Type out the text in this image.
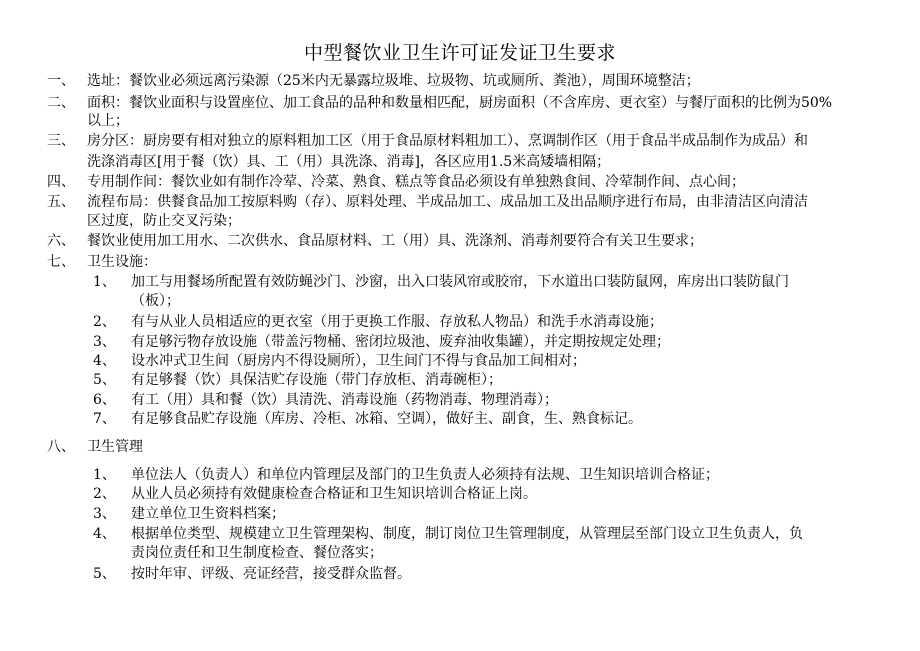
中型餐饮业卫生许可证发证卫生要求
一、 选址：餐饮业必须远离污染源（25米内无暴露垃圾堆、垃圾物、坑或厕所、粪池），周围环境整洁；
二、 面积：餐饮业面积与设置座位、加工食品的品种和数量相匹配，厨房面积（不含库房、更衣室）与餐厅面积的比例为50%
以上；
三、 房分区：厨房要有相对独立的原料粗加工区（用于食品原材料粗加工）、烹调制作区（用于食品半成品制作为成品）和
洗涤消毒区[用于餐（饮）具、工（用）具洗涤、消毒]，各区应用1.5米高矮墙相隔；
四、 专用制作间：餐饮业如有制作冷荤、冷菜、熟食、糕点等食品必须设有单独熟食间、冷荤制作间、点心间；
五、 流程布局：供餐食品加工按原料购（存）、原料处理、半成品加工、成品加工及出品顺序进行布局，由非清洁区向清洁
区过度，防止交叉污染；
六、 餐饮业使用加工用水、二次供水、食品原材料、工（用）具、洗涤剂、消毒剂要符合有关卫生要求；
七、 卫生设施：
1、 加工与用餐场所配置有效防蝇沙门、沙窗，出入口装风帘或胶帘，下水道出口装防鼠网，库房出口装防鼠门
（板）；
2、 有与从业人员相适应的更衣室（用于更换工作服、存放私人物品）和洗手水消毒设施；
3、 有足够污物存放设施（带盖污物桶、密闭垃圾池、废弃油收集罐），并定期按规定处理；
4、 设水冲式卫生间（厨房内不得设厕所），卫生间门不得与食品加工间相对；
5、 有足够餐（饮）具保洁贮存设施（带门存放柜、消毒碗柜）；
6、 有工（用）具和餐（饮）具清洗、消毒设施（药物消毒、物理消毒）；
7、 有足够食品贮存设施（库房、冷柜、冰箱、空调），做好主、副食，生、熟食标记。
八、 卫生管理
1、 单位法人（负责人）和单位内管理层及部门的卫生负责人必须持有法规、卫生知识培训合格证；
2、 从业人员必须持有效健康检查合格证和卫生知识培训合格证上岗。
3、 建立单位卫生资料档案；
4、 根据单位类型、规模建立卫生管理架构、制度，制订岗位卫生管理制度，从管理层至部门设立卫生负责人，负
责岗位责任和卫生制度检查、餐位落实；
5、 按时年审、评级、亮证经营，接受群众监督。
